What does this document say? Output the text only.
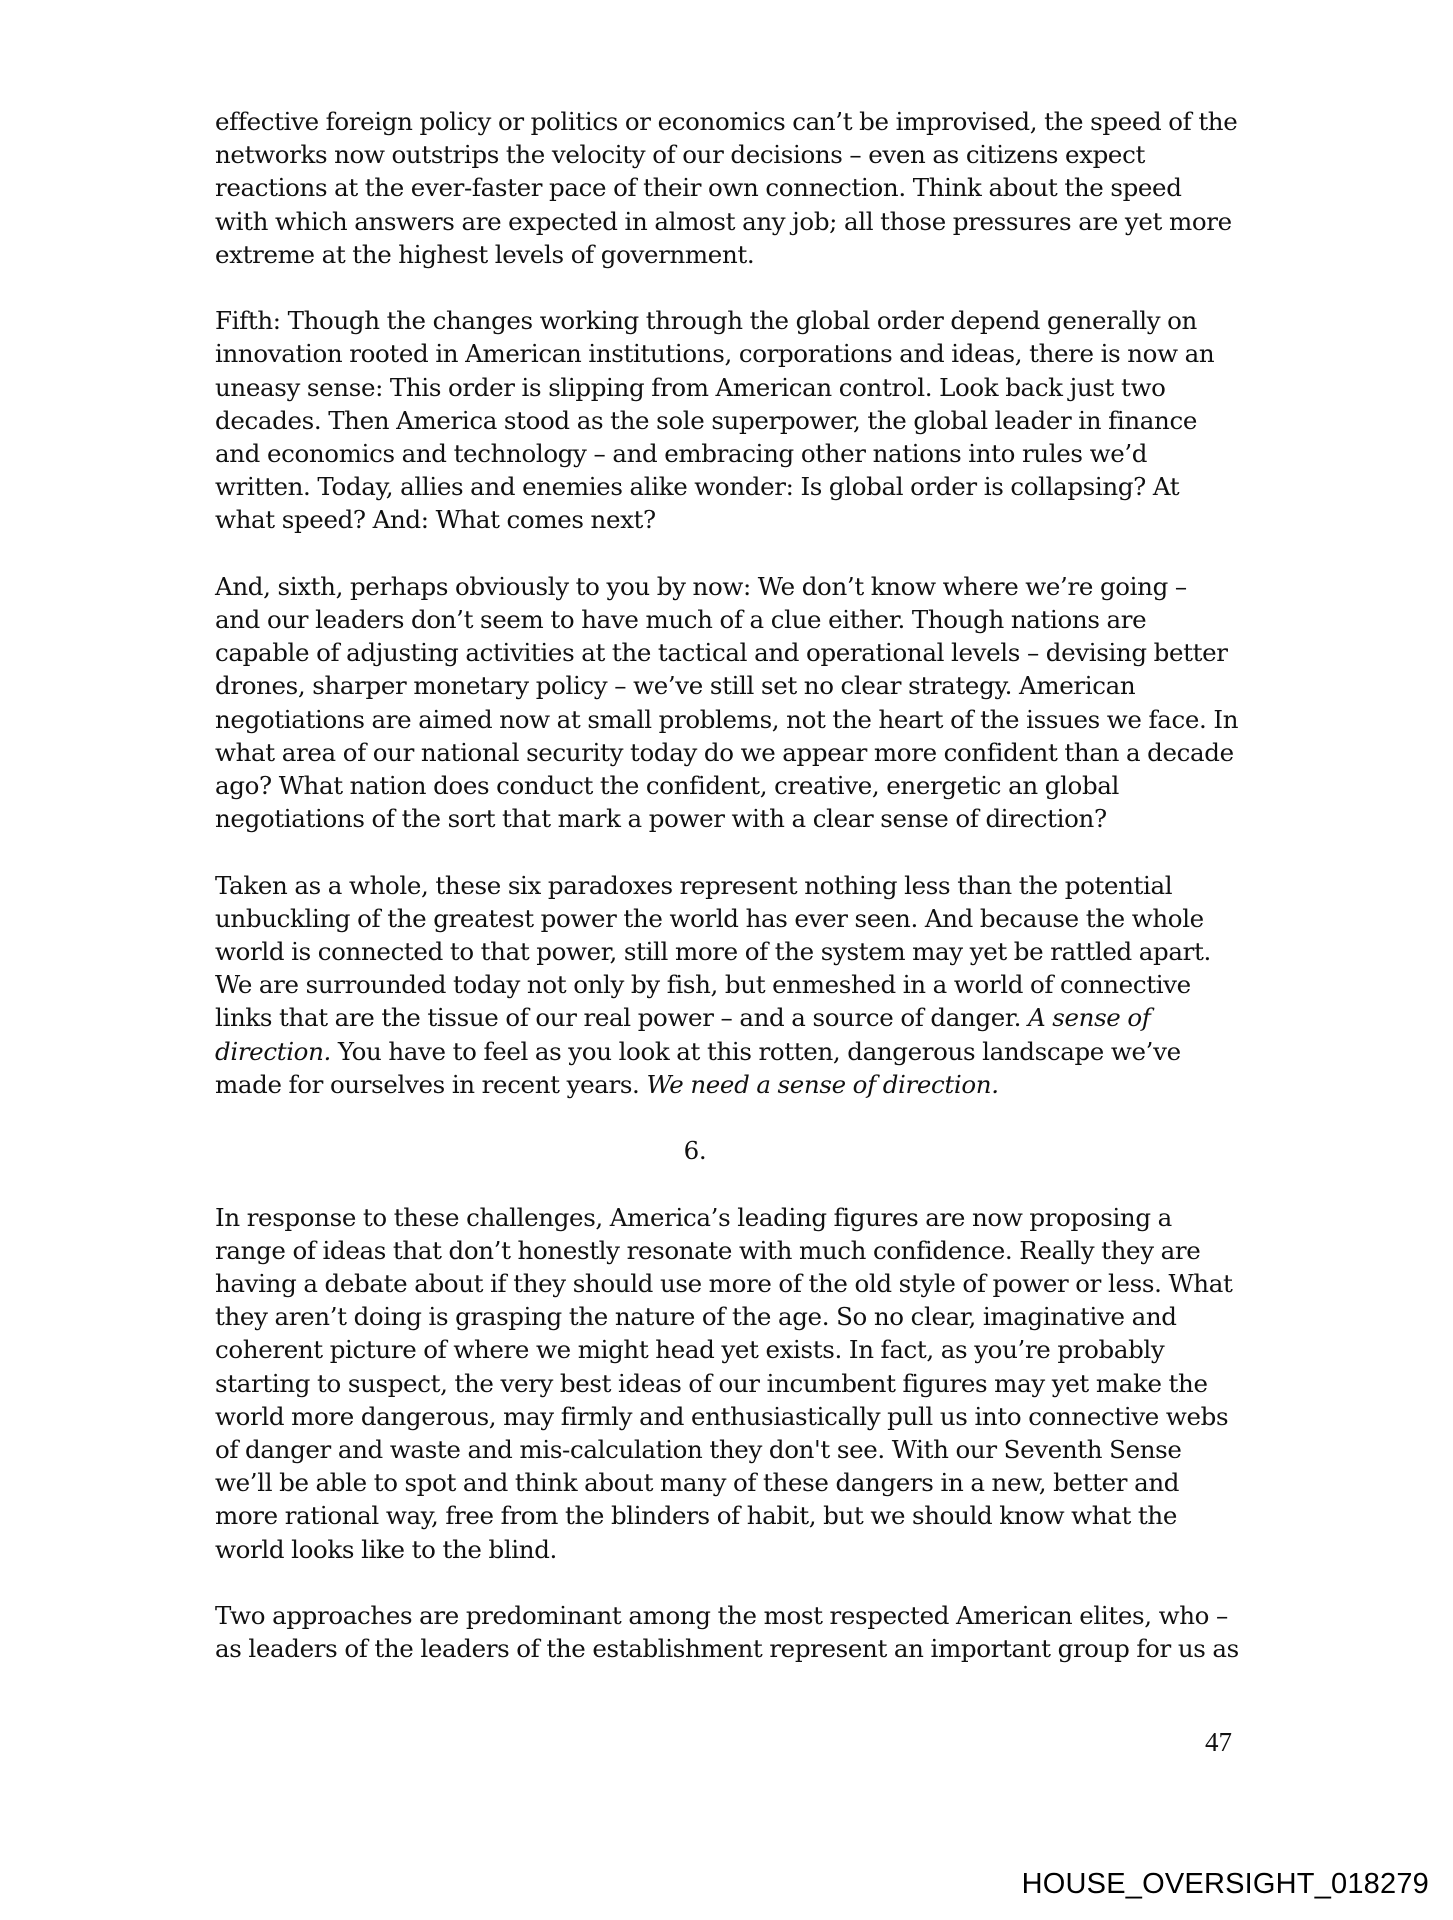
effective foreign policy or politics or economics can’t be improvised, the speed of the
networks now outstrips the velocity of our decisions – even as citizens expect
reactions at the ever-faster pace of their own connection. Think about the speed
with which answers are expected in almost any job; all those pressures are yet more
extreme at the highest levels of government.

Fifth: Though the changes working through the global order depend generally on
innovation rooted in American institutions, corporations and ideas, there is now an
uneasy sense: This order is slipping from American control. Look back just two
decades. Then America stood as the sole superpower, the global leader in finance
and economics and technology – and embracing other nations into rules we’d
written. Today, allies and enemies alike wonder: Is global order is collapsing? At
what speed? And: What comes next?

And, sixth, perhaps obviously to you by now: We don’t know where we’re going –
and our leaders don’t seem to have much of a clue either. Though nations are
capable of adjusting activities at the tactical and operational levels – devising better
drones, sharper monetary policy – we’ve still set no clear strategy. American
negotiations are aimed now at small problems, not the heart of the issues we face. In
what area of our national security today do we appear more confident than a decade
ago? What nation does conduct the confident, creative, energetic an global
negotiations of the sort that mark a power with a clear sense of direction?

Taken as a whole, these six paradoxes represent nothing less than the potential
unbuckling of the greatest power the world has ever seen. And because the whole
world is connected to that power, still more of the system may yet be rattled apart.
We are surrounded today not only by fish, but enmeshed in a world of connective
links that are the tissue of our real power – and a source of danger. A sense of
direction. You have to feel as you look at this rotten, dangerous landscape we’ve
made for ourselves in recent years. We need a sense of direction.

6.

In response to these challenges, America’s leading figures are now proposing a
range of ideas that don’t honestly resonate with much confidence. Really they are
having a debate about if they should use more of the old style of power or less. What
they aren’t doing is grasping the nature of the age. So no clear, imaginative and
coherent picture of where we might head yet exists. In fact, as you’re probably
starting to suspect, the very best ideas of our incumbent figures may yet make the
world more dangerous, may firmly and enthusiastically pull us into connective webs
of danger and waste and mis-calculation they don't see. With our Seventh Sense
we’ll be able to spot and think about many of these dangers in a new, better and
more rational way, free from the blinders of habit, but we should know what the
world looks like to the blind.

Two approaches are predominant among the most respected American elites, who –
as leaders of the leaders of the establishment represent an important group for us as

47
HOUSE_OVERSIGHT_018279
